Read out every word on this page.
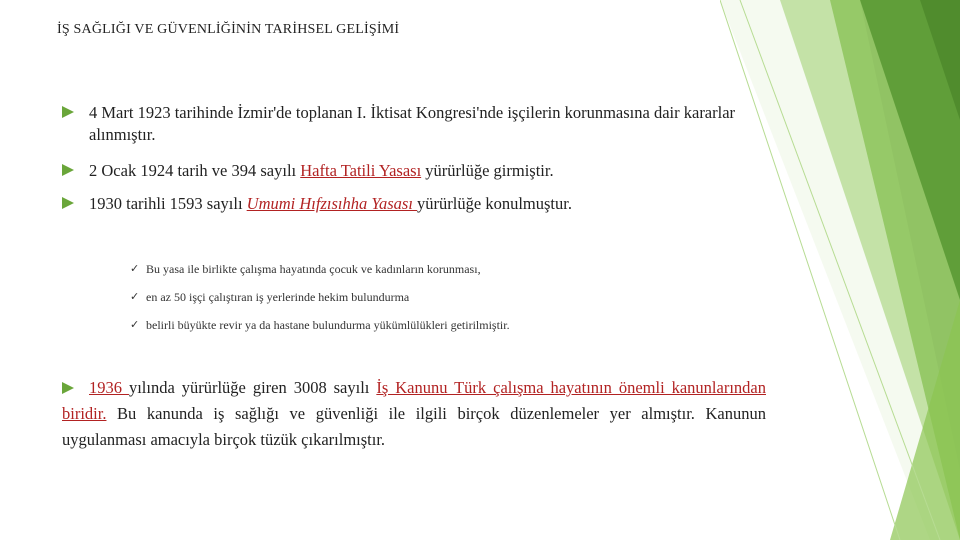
İŞ SAĞLIĞI VE GÜVENLİĞİNİN TARİHSEL GELİŞİMİ
4 Mart 1923 tarihinde İzmir'de toplanan I. İktisat Kongresi'nde işçilerin korunmasına dair kararlar alınmıştır.
2 Ocak 1924 tarih ve 394 sayılı Hafta Tatili Yasası yürürlüğe girmiştir.
1930 tarihli 1593 sayılı Umumi Hıfzısıhha Yasası yürürlüğe konulmuştur.
✓ Bu yasa ile birlikte çalışma hayatında çocuk ve kadınların korunması,
✓ en az 50 işçi çalıştıran iş yerlerinde hekim bulundurma
✓ belirli büyükte revir ya da hastane bulundurma yükümlülükleri getirilmiştir.
1936 yılında yürürlüğe giren 3008 sayılı İş Kanunu Türk çalışma hayatının önemli kanunlarından biridir. Bu kanunda iş sağlığı ve güvenliği ile ilgili birçok düzenlemeler yer almıştır. Kanunun uygulanması amacıyla birçok tüzük çıkarılmıştır.
